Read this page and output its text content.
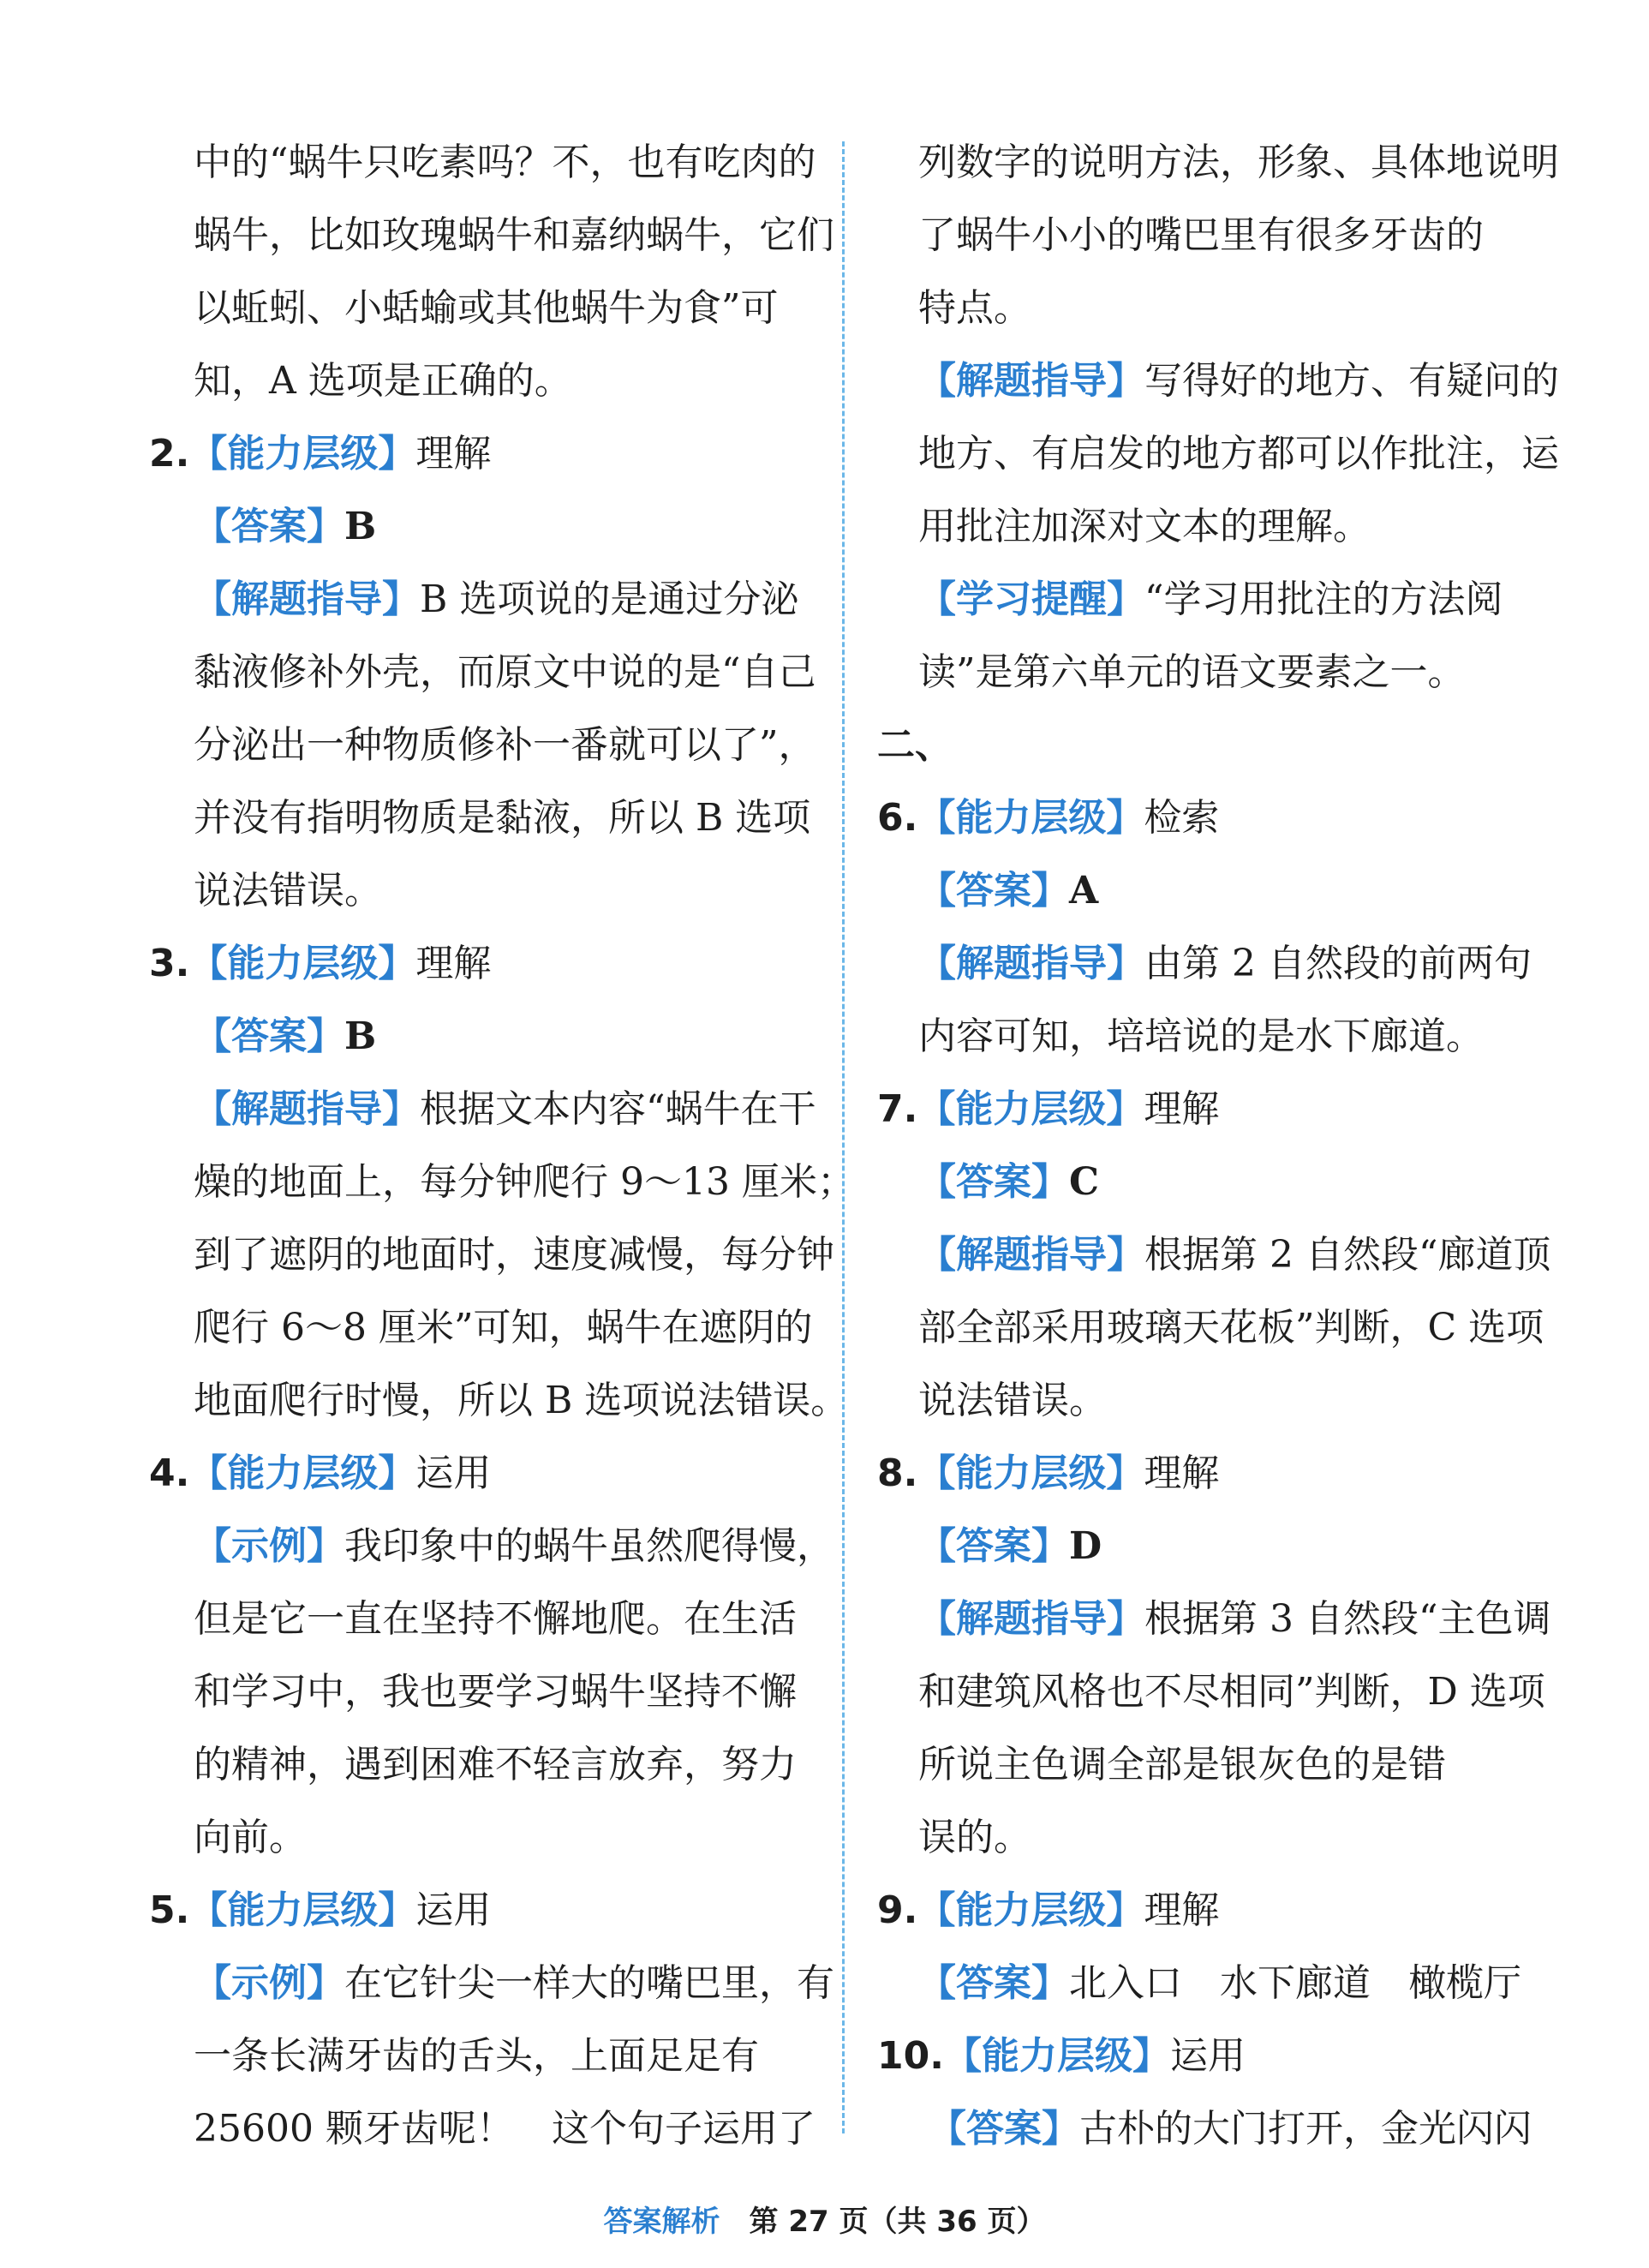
中的“蜗牛只吃素吗？不，也有吃肉的
蜗牛，比如玫瑰蜗牛和嘉纳蜗牛，它们
以蚯蚓、小蛞蝓或其他蜗牛为食”可
知，A 选项是正确的。
2.【能力层级】理解
【答案】B
【解题指导】B 选项说的是通过分泌
黏液修补外壳，而原文中说的是“自己
分泌出一种物质修补一番就可以了”，
并没有指明物质是黏液，所以 B 选项
说法错误。
3.【能力层级】理解
【答案】B
【解题指导】根据文本内容“蜗牛在干
燥的地面上，每分钟爬行 9～13 厘米；
到了遮阴的地面时，速度减慢，每分钟
爬行 6～8 厘米”可知，蜗牛在遮阴的
地面爬行时慢，所以 B 选项说法错误。
4.【能力层级】运用
【示例】我印象中的蜗牛虽然爬得慢，
但是它一直在坚持不懈地爬。在生活
和学习中，我也要学习蜗牛坚持不懈
的精神，遇到困难不轻言放弃，努力
向前。
5.【能力层级】运用
【示例】在它针尖一样大的嘴巴里，有
一条长满牙齿的舌头，上面足足有
25600 颗牙齿呢！　这个句子运用了
列数字的说明方法，形象、具体地说明
了蜗牛小小的嘴巴里有很多牙齿的
特点。
【解题指导】写得好的地方、有疑问的
地方、有启发的地方都可以作批注，运
用批注加深对文本的理解。
【学习提醒】“学习用批注的方法阅
读”是第六单元的语文要素之一。
二、
6.【能力层级】检索
【答案】A
【解题指导】由第 2 自然段的前两句
内容可知，培培说的是水下廊道。
7.【能力层级】理解
【答案】C
【解题指导】根据第 2 自然段“廊道顶
部全部采用玻璃天花板”判断，C 选项
说法错误。
8.【能力层级】理解
【答案】D
【解题指导】根据第 3 自然段“主色调
和建筑风格也不尽相同”判断，D 选项
所说主色调全部是银灰色的是错
误的。
9.【能力层级】理解
【答案】北入口　水下廊道　橄榄厅
10.【能力层级】运用
【答案】古朴的大门打开，金光闪闪
答案解析 第 27 页（共 36 页）
